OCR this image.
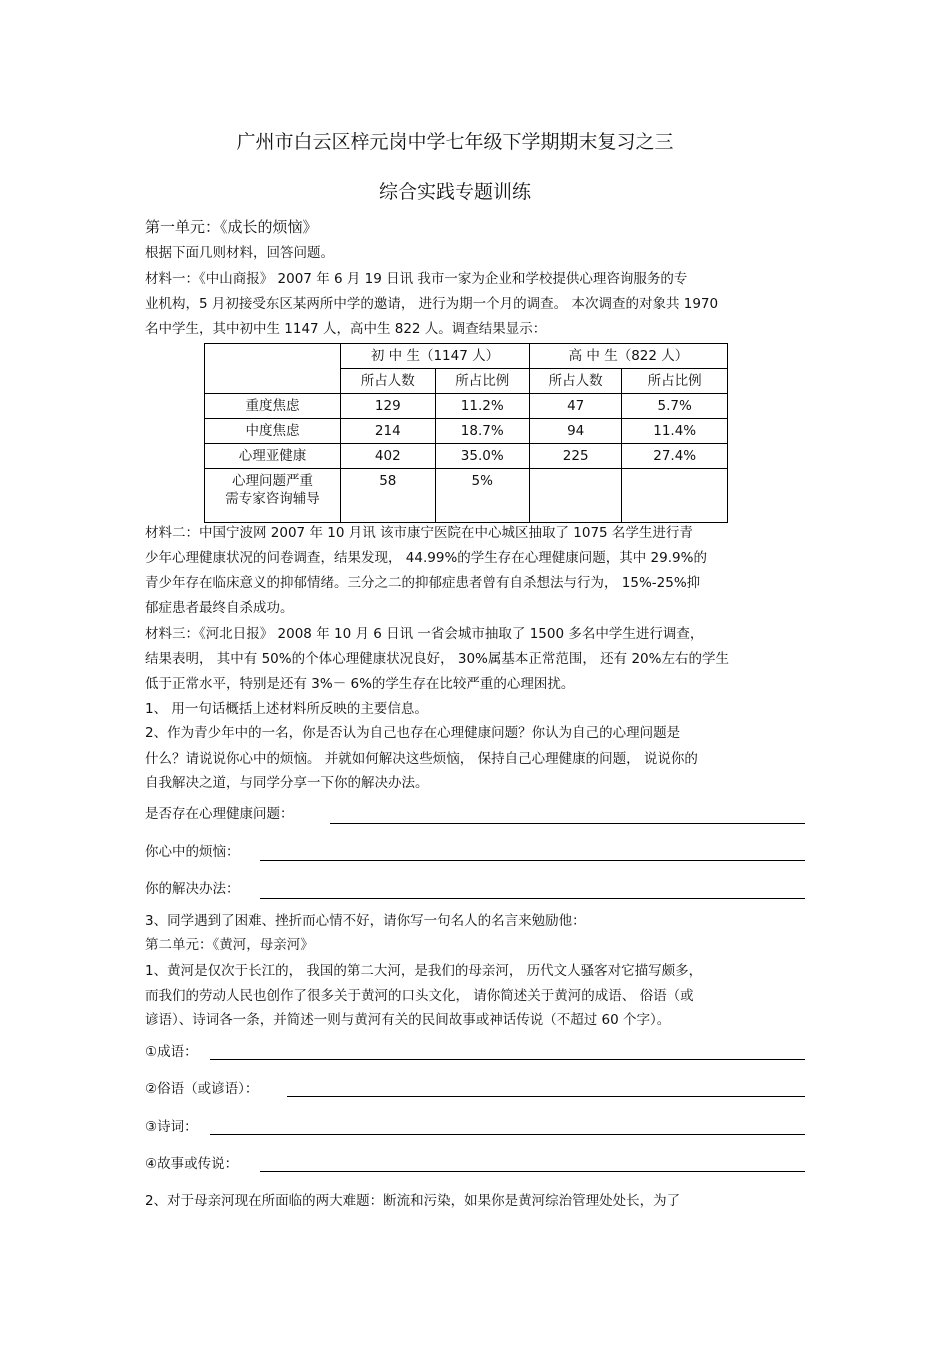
广州市白云区梓元岗中学七年级下学期期末复习之三
综合实践专题训练
第一单元：《成长的烦恼》
根据下面几则材料，回答问题。
材料一：《中山商报》 2007 年 6 月 19 日讯 我市一家为企业和学校提供心理咨询服务的专
业机构，5 月初接受东区某两所中学的邀请， 进行为期一个月的调查。 本次调查的对象共 1970
名中学生，其中初中生 1147 人，高中生 822 人。调查结果显示：
	初 中 生（1147 人）		高 中 生（822 人）	
	所占人数	所占比例	所占人数	所占比例
重度焦虑	129	11.2%	47	5.7%
中度焦虑	214	18.7%	94	11.4%
心理亚健康	402	35.0%	225	27.4%
心理问题严重
需专家咨询辅导	58	5%		
材料二：中国宁波网 2007 年 10 月讯 该市康宁医院在中心城区抽取了 1075 名学生进行青
少年心理健康状况的问卷调查，结果发现， 44.99%的学生存在心理健康问题，其中 29.9%的
青少年存在临床意义的抑郁情绪。三分之二的抑郁症患者曾有自杀想法与行为， 15%-25%抑
郁症患者最终自杀成功。
材料三：《河北日报》 2008 年 10 月 6 日讯 一省会城市抽取了 1500 多名中学生进行调查，
结果表明， 其中有 50%的个体心理健康状况良好， 30%属基本正常范围， 还有 20%左右的学生
低于正常水平，特别是还有 3%－ 6%的学生存在比较严重的心理困扰。
1、 用一句话概括上述材料所反映的主要信息。
2、作为青少年中的一名，你是否认为自己也存在心理健康问题？你认为自己的心理问题是
什么？请说说你心中的烦恼。 并就如何解决这些烦恼， 保持自己心理健康的问题， 说说你的
自我解决之道，与同学分享一下你的解决办法。
是否存在心理健康问题：
你心中的烦恼：
你的解决办法：
3、同学遇到了困难、挫折而心情不好，请你写一句名人的名言来勉励他：
第二单元：《黄河，母亲河》
1、黄河是仅次于长江的， 我国的第二大河，是我们的母亲河， 历代文人骚客对它描写颇多，
而我们的劳动人民也创作了很多关于黄河的口头文化， 请你简述关于黄河的成语、 俗语（或
谚语）、诗词各一条，并简述一则与黄河有关的民间故事或神话传说（不超过 60 个字）。
①成语：
②俗语（或谚语）：
③诗词：
④故事或传说：
2、对于母亲河现在所面临的两大难题：断流和污染，如果你是黄河综治管理处处长，为了
